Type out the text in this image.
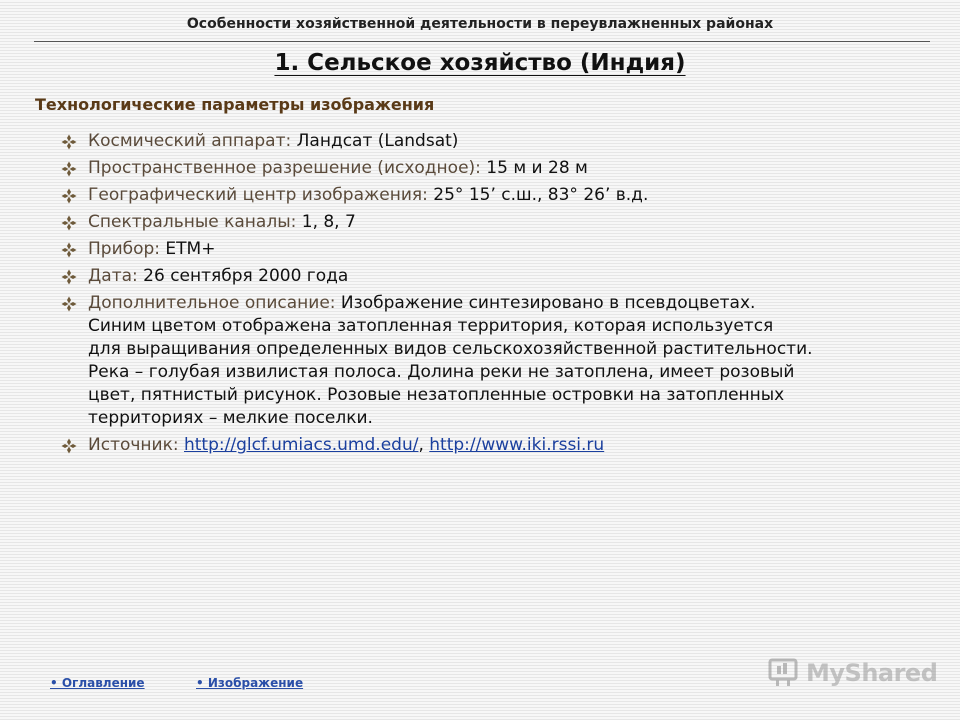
Особенности хозяйственной деятельности в переувлажненных районах
1. Сельское хозяйство (Индия)
Технологические параметры изображения
Космический аппарат: Ландсат (Landsat)
Пространственное разрешение (исходное): 15 м и 28 м
Географический центр изображения: 25° 15’ с.ш., 83° 26’ в.д.
Спектральные каналы: 1, 8, 7
Прибор: ETM+
Дата: 26 сентября 2000 года
Дополнительное описание: Изображение синтезировано в псевдоцветах.
Синим цветом отображена затопленная территория, которая используется
для выращивания определенных видов сельскохозяйственной растительности.
Река – голубая извилистая полоса. Долина реки не затоплена, имеет розовый
цвет, пятнистый рисунок. Розовые незатопленные островки на затопленных
территориях – мелкие поселки.
Источник: http://glcf.umiacs.umd.edu/, http://www.iki.rssi.ru
• Оглавление	• Изображение	MyShared
